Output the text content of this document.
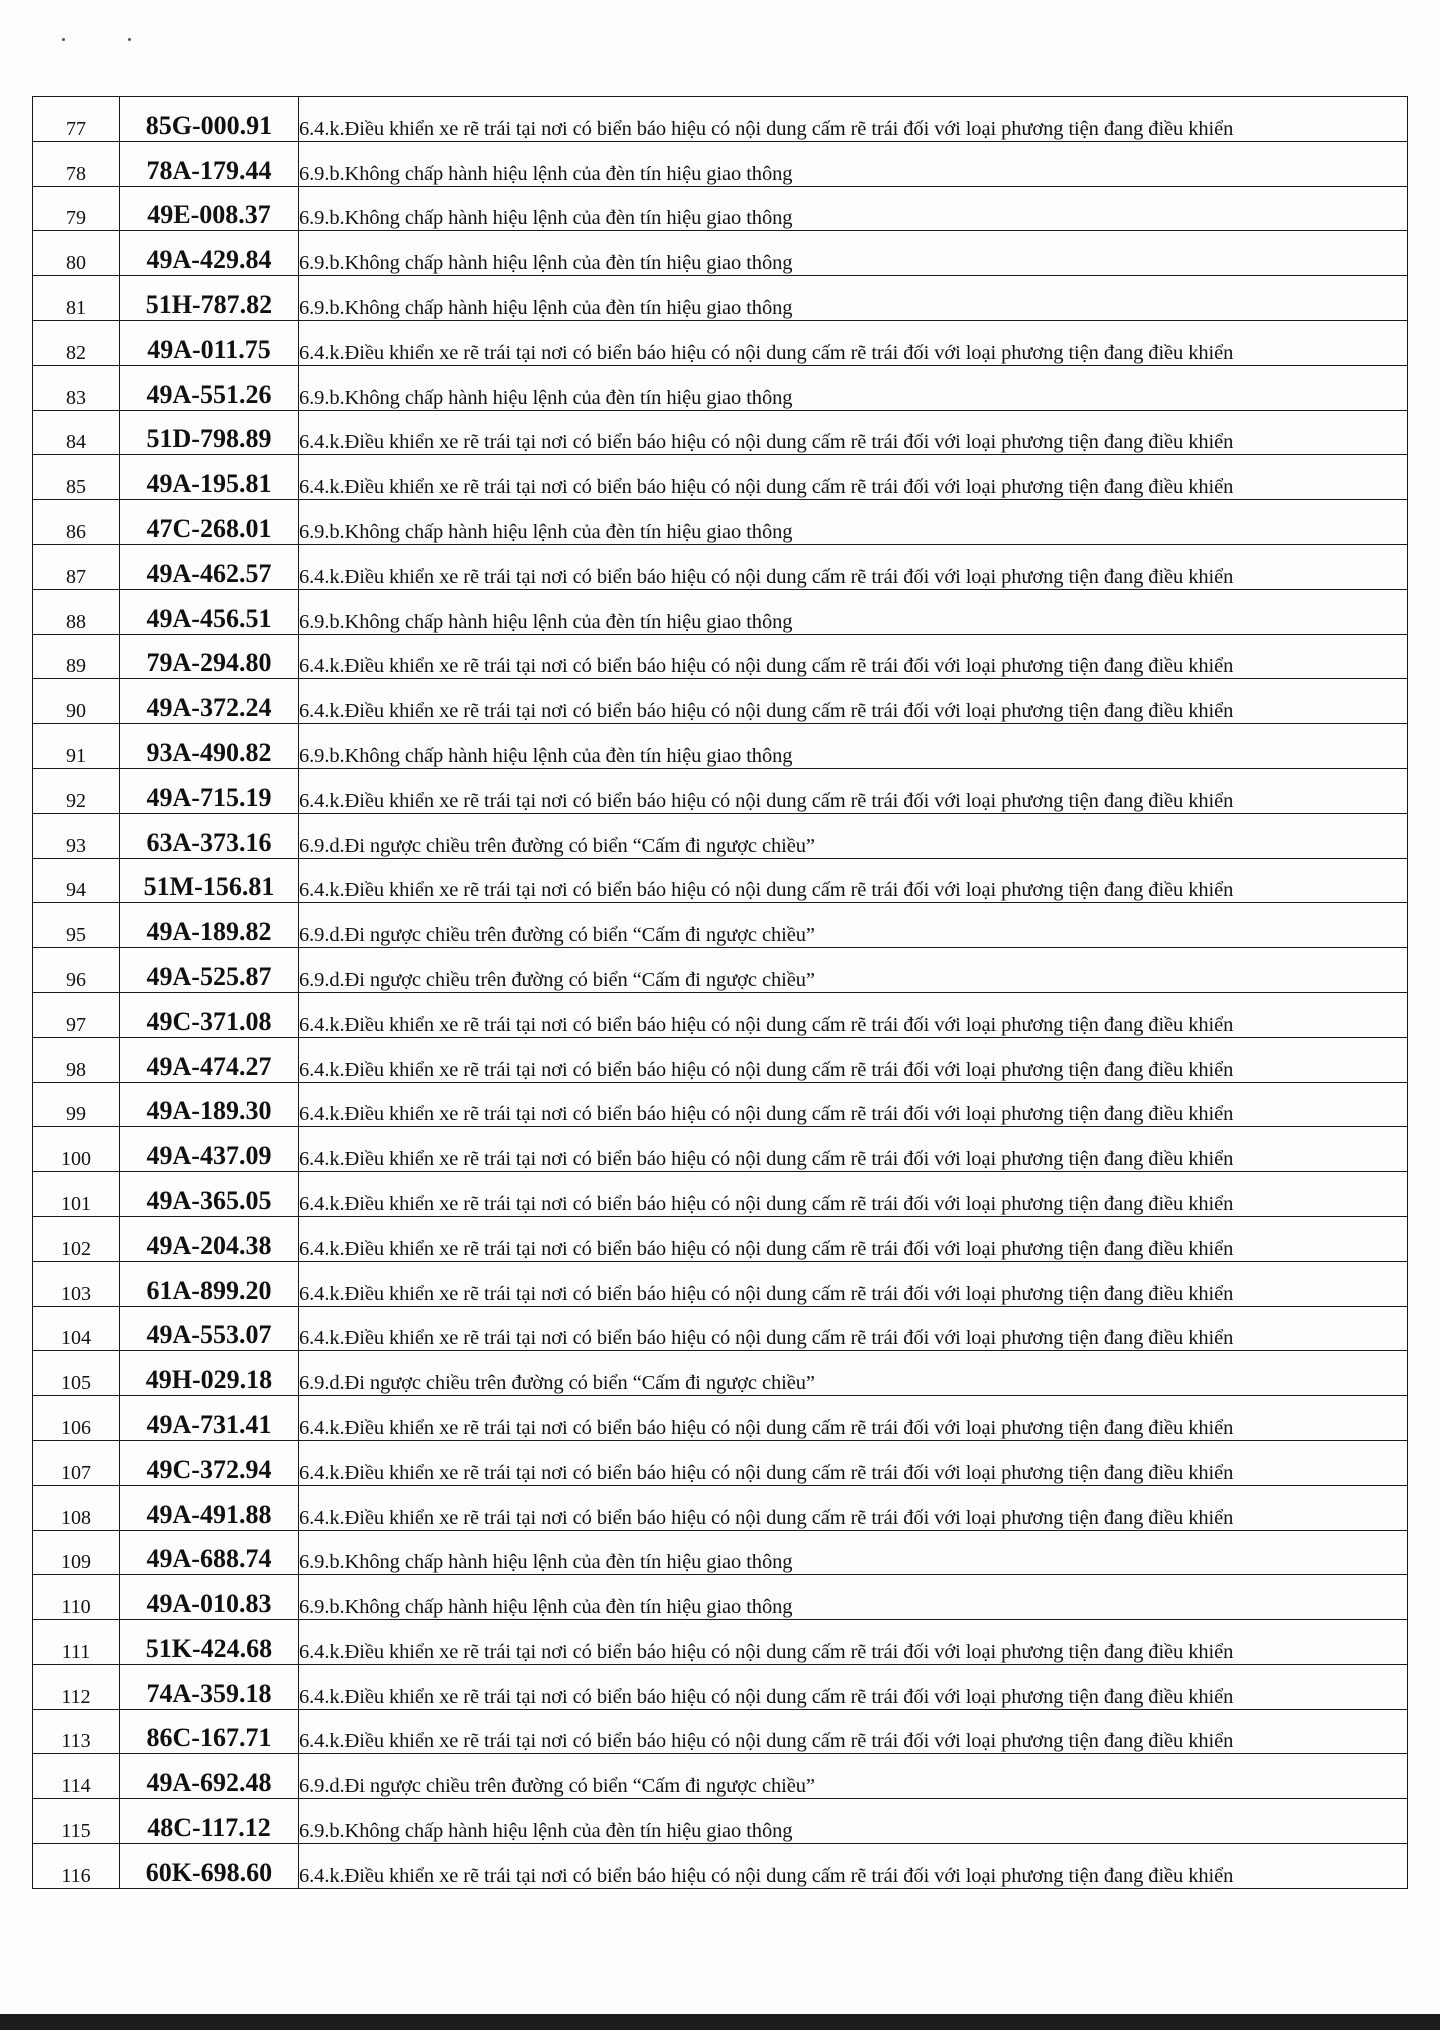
77	85G-000.91	6.4.k.Điều khiển xe rẽ trái tại nơi có biển báo hiệu có nội dung cấm rẽ trái đối với loại phương tiện đang điều khiển
78	78A-179.44	6.9.b.Không chấp hành hiệu lệnh của đèn tín hiệu giao thông
79	49E-008.37	6.9.b.Không chấp hành hiệu lệnh của đèn tín hiệu giao thông
80	49A-429.84	6.9.b.Không chấp hành hiệu lệnh của đèn tín hiệu giao thông
81	51H-787.82	6.9.b.Không chấp hành hiệu lệnh của đèn tín hiệu giao thông
82	49A-011.75	6.4.k.Điều khiển xe rẽ trái tại nơi có biển báo hiệu có nội dung cấm rẽ trái đối với loại phương tiện đang điều khiển
83	49A-551.26	6.9.b.Không chấp hành hiệu lệnh của đèn tín hiệu giao thông
84	51D-798.89	6.4.k.Điều khiển xe rẽ trái tại nơi có biển báo hiệu có nội dung cấm rẽ trái đối với loại phương tiện đang điều khiển
85	49A-195.81	6.4.k.Điều khiển xe rẽ trái tại nơi có biển báo hiệu có nội dung cấm rẽ trái đối với loại phương tiện đang điều khiển
86	47C-268.01	6.9.b.Không chấp hành hiệu lệnh của đèn tín hiệu giao thông
87	49A-462.57	6.4.k.Điều khiển xe rẽ trái tại nơi có biển báo hiệu có nội dung cấm rẽ trái đối với loại phương tiện đang điều khiển
88	49A-456.51	6.9.b.Không chấp hành hiệu lệnh của đèn tín hiệu giao thông
89	79A-294.80	6.4.k.Điều khiển xe rẽ trái tại nơi có biển báo hiệu có nội dung cấm rẽ trái đối với loại phương tiện đang điều khiển
90	49A-372.24	6.4.k.Điều khiển xe rẽ trái tại nơi có biển báo hiệu có nội dung cấm rẽ trái đối với loại phương tiện đang điều khiển
91	93A-490.82	6.9.b.Không chấp hành hiệu lệnh của đèn tín hiệu giao thông
92	49A-715.19	6.4.k.Điều khiển xe rẽ trái tại nơi có biển báo hiệu có nội dung cấm rẽ trái đối với loại phương tiện đang điều khiển
93	63A-373.16	6.9.d.Đi ngược chiều trên đường có biển “Cấm đi ngược chiều”
94	51M-156.81	6.4.k.Điều khiển xe rẽ trái tại nơi có biển báo hiệu có nội dung cấm rẽ trái đối với loại phương tiện đang điều khiển
95	49A-189.82	6.9.d.Đi ngược chiều trên đường có biển “Cấm đi ngược chiều”
96	49A-525.87	6.9.d.Đi ngược chiều trên đường có biển “Cấm đi ngược chiều”
97	49C-371.08	6.4.k.Điều khiển xe rẽ trái tại nơi có biển báo hiệu có nội dung cấm rẽ trái đối với loại phương tiện đang điều khiển
98	49A-474.27	6.4.k.Điều khiển xe rẽ trái tại nơi có biển báo hiệu có nội dung cấm rẽ trái đối với loại phương tiện đang điều khiển
99	49A-189.30	6.4.k.Điều khiển xe rẽ trái tại nơi có biển báo hiệu có nội dung cấm rẽ trái đối với loại phương tiện đang điều khiển
100	49A-437.09	6.4.k.Điều khiển xe rẽ trái tại nơi có biển báo hiệu có nội dung cấm rẽ trái đối với loại phương tiện đang điều khiển
101	49A-365.05	6.4.k.Điều khiển xe rẽ trái tại nơi có biển báo hiệu có nội dung cấm rẽ trái đối với loại phương tiện đang điều khiển
102	49A-204.38	6.4.k.Điều khiển xe rẽ trái tại nơi có biển báo hiệu có nội dung cấm rẽ trái đối với loại phương tiện đang điều khiển
103	61A-899.20	6.4.k.Điều khiển xe rẽ trái tại nơi có biển báo hiệu có nội dung cấm rẽ trái đối với loại phương tiện đang điều khiển
104	49A-553.07	6.4.k.Điều khiển xe rẽ trái tại nơi có biển báo hiệu có nội dung cấm rẽ trái đối với loại phương tiện đang điều khiển
105	49H-029.18	6.9.d.Đi ngược chiều trên đường có biển “Cấm đi ngược chiều”
106	49A-731.41	6.4.k.Điều khiển xe rẽ trái tại nơi có biển báo hiệu có nội dung cấm rẽ trái đối với loại phương tiện đang điều khiển
107	49C-372.94	6.4.k.Điều khiển xe rẽ trái tại nơi có biển báo hiệu có nội dung cấm rẽ trái đối với loại phương tiện đang điều khiển
108	49A-491.88	6.4.k.Điều khiển xe rẽ trái tại nơi có biển báo hiệu có nội dung cấm rẽ trái đối với loại phương tiện đang điều khiển
109	49A-688.74	6.9.b.Không chấp hành hiệu lệnh của đèn tín hiệu giao thông
110	49A-010.83	6.9.b.Không chấp hành hiệu lệnh của đèn tín hiệu giao thông
111	51K-424.68	6.4.k.Điều khiển xe rẽ trái tại nơi có biển báo hiệu có nội dung cấm rẽ trái đối với loại phương tiện đang điều khiển
112	74A-359.18	6.4.k.Điều khiển xe rẽ trái tại nơi có biển báo hiệu có nội dung cấm rẽ trái đối với loại phương tiện đang điều khiển
113	86C-167.71	6.4.k.Điều khiển xe rẽ trái tại nơi có biển báo hiệu có nội dung cấm rẽ trái đối với loại phương tiện đang điều khiển
114	49A-692.48	6.9.d.Đi ngược chiều trên đường có biển “Cấm đi ngược chiều”
115	48C-117.12	6.9.b.Không chấp hành hiệu lệnh của đèn tín hiệu giao thông
116	60K-698.60	6.4.k.Điều khiển xe rẽ trái tại nơi có biển báo hiệu có nội dung cấm rẽ trái đối với loại phương tiện đang điều khiển
